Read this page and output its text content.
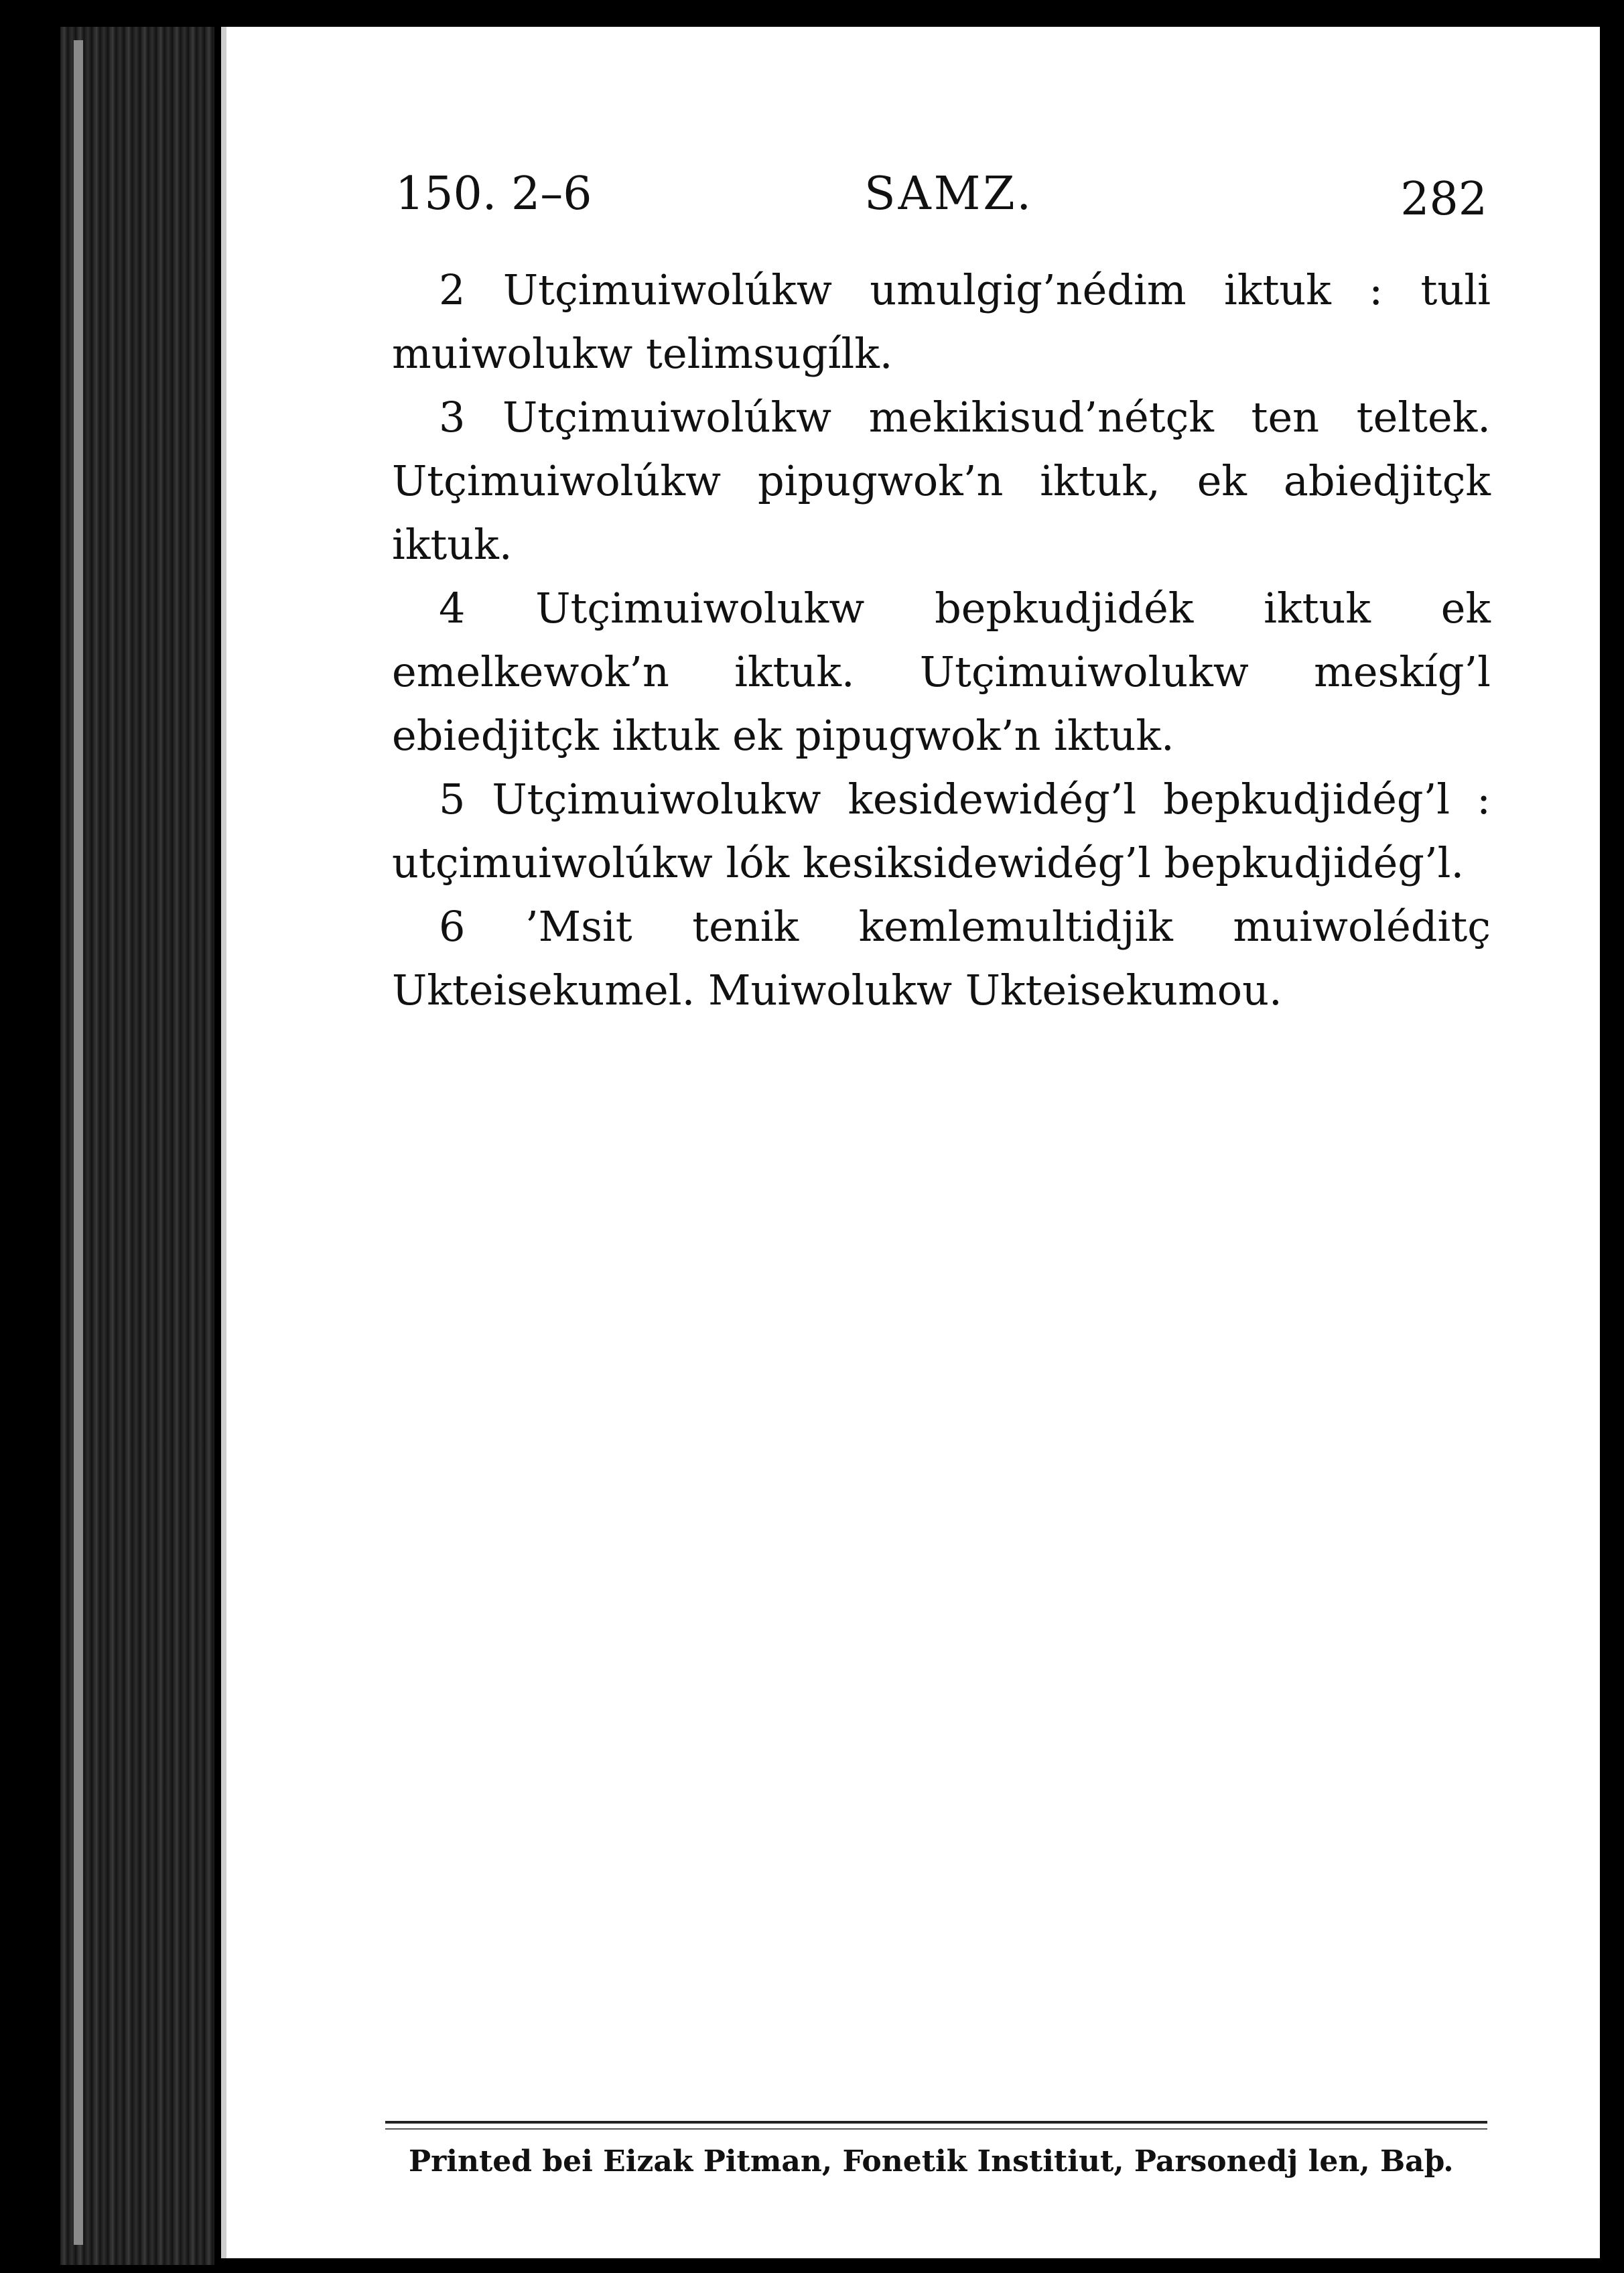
150. 2–6	SAMZ.	282

2 Utçimuiwolúkw umulgig’nédim iktuk : tuli muiwolukw telimsugílk.

3 Utçimuiwolúkw mekikisud’nétçk ten teltek. Utçimuiwolúkw pipugwok’n iktuk, ek abiedjitçk iktuk.

4 Utçimuiwolukw bepkudjidék iktuk ek emelkewok’n iktuk. Utçimuiwolukw meskíg’l ebiedjitçk iktuk ek pipugwok’n iktuk.

5 Utçimuiwolukw kesidewidég’l bepkudjidég’l : utçimuiwolúkw lók kesiksidewidég’l bepkudjidég’l.

6 ’Msit tenik kemlemultidjik muiwoléditç Ukteisekumel. Muiwolukw Ukteisekumou.

Printed bei Eizak Pitman, Fonetik Institiut, Parsonedj len, Baþ.
